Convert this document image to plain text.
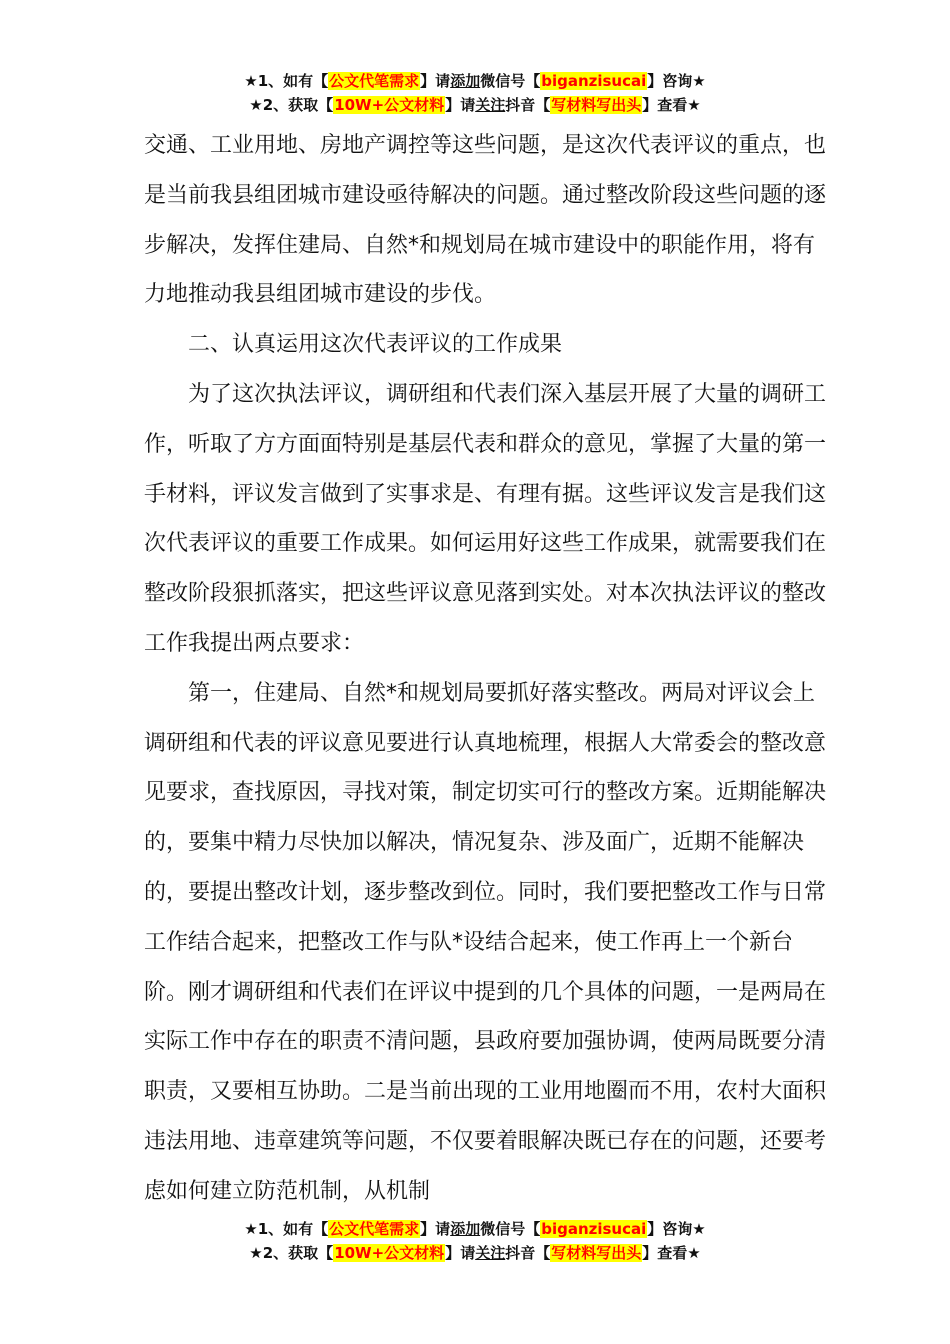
★1、如有【公文代笔需求】请添加微信号【biganzisucai】咨询★
★2、获取【10W+公文材料】请关注抖音【写材料写出头】查看★

交通、工业用地、房地产调控等这些问题，是这次代表评议的重点，也是当前我县组团城市建设亟待解决的问题。通过整改阶段这些问题的逐步解决，发挥住建局、自然*和规划局在城市建设中的职能作用，将有力地推动我县组团城市建设的步伐。

二、认真运用这次代表评议的工作成果

为了这次执法评议，调研组和代表们深入基层开展了大量的调研工作，听取了方方面面特别是基层代表和群众的意见，掌握了大量的第一手材料，评议发言做到了实事求是、有理有据。这些评议发言是我们这次代表评议的重要工作成果。如何运用好这些工作成果，就需要我们在整改阶段狠抓落实，把这些评议意见落到实处。对本次执法评议的整改工作我提出两点要求：

第一，住建局、自然*和规划局要抓好落实整改。两局对评议会上调研组和代表的评议意见要进行认真地梳理，根据人大常委会的整改意见要求，查找原因，寻找对策，制定切实可行的整改方案。近期能解决的，要集中精力尽快加以解决，情况复杂、涉及面广，近期不能解决的，要提出整改计划，逐步整改到位。同时，我们要把整改工作与日常工作结合起来，把整改工作与队*设结合起来，使工作再上一个新台阶。刚才调研组和代表们在评议中提到的几个具体的问题，一是两局在实际工作中存在的职责不清问题，县政府要加强协调，使两局既要分清职责，又要相互协助。二是当前出现的工业用地圈而不用，农村大面积违法用地、违章建筑等问题，不仅要着眼解决既已存在的问题，还要考虑如何建立防范机制，从机制

★1、如有【公文代笔需求】请添加微信号【biganzisucai】咨询★
★2、获取【10W+公文材料】请关注抖音【写材料写出头】查看★
